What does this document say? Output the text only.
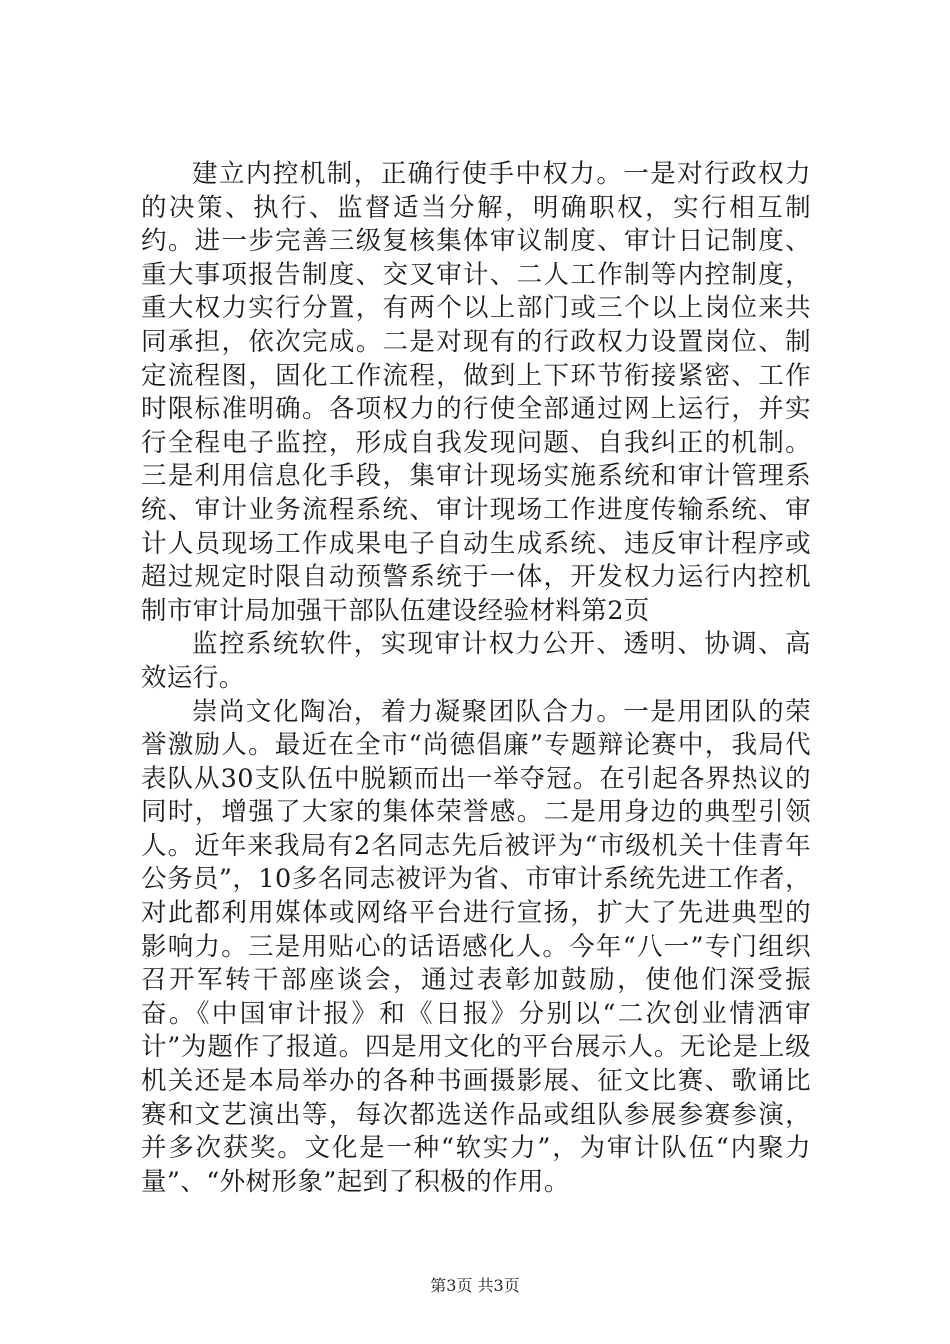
建立内控机制，正确行使手中权力。一是对行政权力的决策、执行、监督适当分解，明确职权，实行相互制约。进一步完善三级复核集体审议制度、审计日记制度、重大事项报告制度、交叉审计、二人工作制等内控制度，重大权力实行分置，有两个以上部门或三个以上岗位来共同承担，依次完成。二是对现有的行政权力设置岗位、制定流程图，固化工作流程，做到上下环节衔接紧密、工作时限标准明确。各项权力的行使全部通过网上运行，并实行全程电子监控，形成自我发现问题、自我纠正的机制。三是利用信息化手段，集审计现场实施系统和审计管理系统、审计业务流程系统、审计现场工作进度传输系统、审计人员现场工作成果电子自动生成系统、违反审计程序或超过规定时限自动预警系统于一体，开发权力运行内控机制市审计局加强干部队伍建设经验材料第2页

监控系统软件，实现审计权力公开、透明、协调、高效运行。

崇尚文化陶冶，着力凝聚团队合力。一是用团队的荣誉激励人。最近在全市“尚德倡廉”专题辩论赛中，我局代表队从30支队伍中脱颖而出一举夺冠。在引起各界热议的同时，增强了大家的集体荣誉感。二是用身边的典型引领人。近年来我局有2名同志先后被评为“市级机关十佳青年公务员”，10多名同志被评为省、市审计系统先进工作者，对此都利用媒体或网络平台进行宣扬，扩大了先进典型的影响力。三是用贴心的话语感化人。今年“八一”专门组织召开军转干部座谈会，通过表彰加鼓励，使他们深受振奋。《中国审计报》和《日报》分别以“二次创业情洒审计”为题作了报道。四是用文化的平台展示人。无论是上级机关还是本局举办的各种书画摄影展、征文比赛、歌诵比赛和文艺演出等，每次都选送作品或组队参展参赛参演，并多次获奖。文化是一种“软实力”，为审计队伍“内聚力量”、“外树形象”起到了积极的作用。

第3页 共3页
